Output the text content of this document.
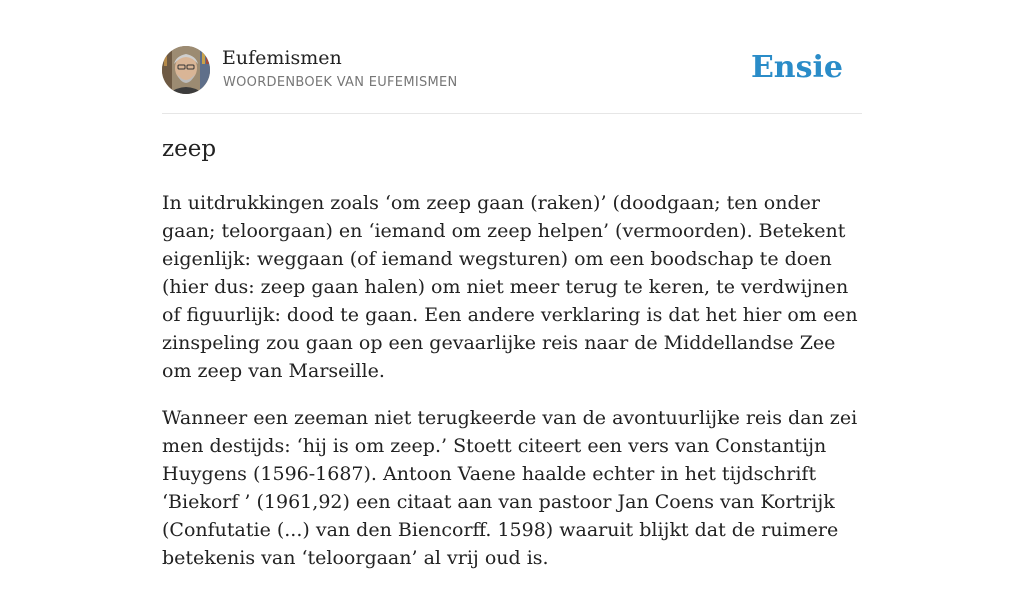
Eufemismen
WOORDENBOEK VAN EUFEMISMEN	Ensie
zeep

In uitdrukkingen zoals ‘om zeep gaan (raken)’ (doodgaan; ten onder gaan; teloorgaan) en ‘iemand om zeep helpen’ (vermoorden). Betekent eigenlijk: weggaan (of iemand wegsturen) om een boodschap te doen (hier dus: zeep gaan halen) om niet meer terug te keren, te verdwijnen of figuurlijk: dood te gaan. Een andere verklaring is dat het hier om een zinspeling zou gaan op een gevaarlijke reis naar de Middellandse Zee om zeep van Marseille.

Wanneer een zeeman niet terugkeerde van de avontuurlijke reis dan zei men destijds: ‘hij is om zeep.’ Stoett citeert een vers van Constantijn Huygens (1596-1687). Antoon Vaene haalde echter in het tijdschrift ‘Biekorf ’ (1961,92) een citaat aan van pastoor Jan Coens van Kortrijk (Confutatie (...) van den Biencorff. 1598) waaruit blijkt dat de ruimere betekenis van ‘teloorgaan’ al vrij oud is.
